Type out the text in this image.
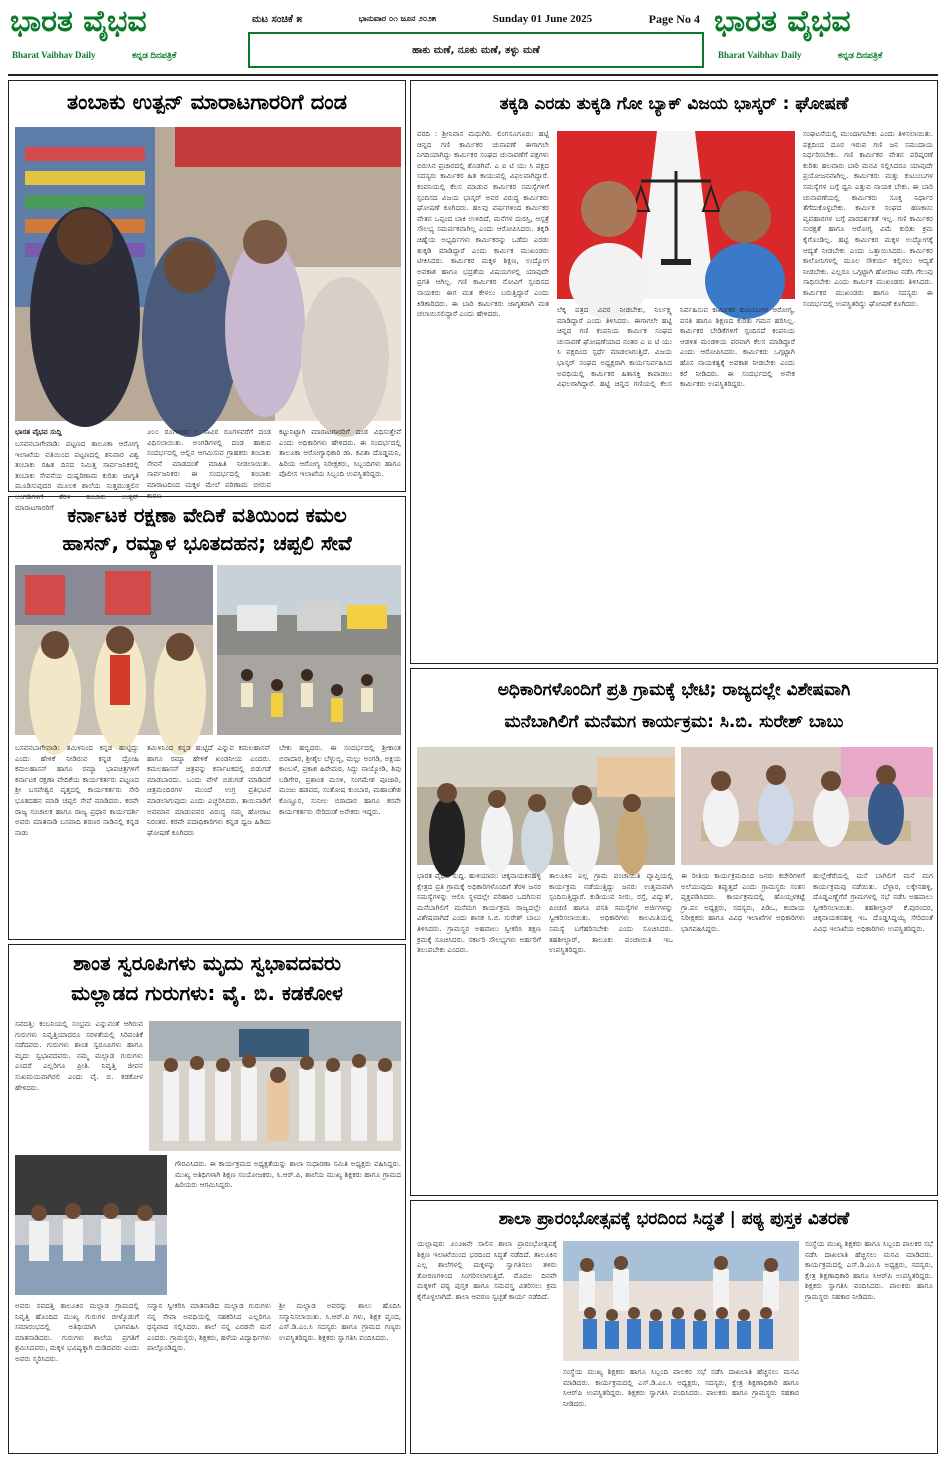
ಭಾರತ ವೈಭವ
Bharat Vaibhav Daily	ಕನ್ನಡ ದಿನಪತ್ರಿಕೆ
ಭಾರತ ವೈಭವ
Bharat Vaibhav Daily	ಕನ್ನಡ ದಿನಪತ್ರಿಕೆ
ಮಟ ಸಂಚಿಕೆ ೫	ಭಾನುವಾರ ೦೧ ಜೂನ ೨೦೨೫	Sunday 01 June 2025	Page No 4
ಹಾಕು ಮಣೆ, ನೂಕು ಮಣೆ, ತಳ್ಳು ಮಣೆ
ತಂಬಾಕು ಉತ್ಪನ್ ಮಾರಾಟಗಾರರಿಗೆ ದಂಡ
ಭಾರತ ವೈಭವ ಸುದ್ದಿ
ಬಸವನಬಾಗೇವಾಡಿ: ಪಟ್ಟಣದ ತಾಲೂಕಾ ಆರೋಗ್ಯ ಇಲಾಖೆಯ ವತಿಯಿಂದ ಪಟ್ಟಣದಲ್ಲಿ ಶನಿವಾರ ವಿಶ್ವ ತಂಬಾಕು ರಹಿತ ದಿನದ ನಿಮಿತ್ತ ಸಾರ್ವಜನಿಕರಲ್ಲಿ ತಂಬಾಕು ಸೇವನೆಯ ದುಷ್ಪರಿಣಾಮ ಕುರಿತು ಜಾಗೃತಿ ಮೂಡಿಸುವುದರ ಮೂಲಕ ಶಾಲೆಯ ಸುತ್ತಮುತ್ತಲಿನ ಅಂಗಡಿಗಳಿಗೆ ತೆರಳಿ ತಂಬಾಕು ಉತ್ಪನ್ ಮಾರಾಟಗಾರರಿಗೆ
೨೦೦ ರೂಗಳಿಂದ ೧ ಸಾವಿರ ರೂಗಳವರೆಗೆ ದಂಡ ವಿಧಿಸಲಾಯಿತು. ಅಂಗಡಿಗಳಲ್ಲಿ ದಂಡ ಹಾಕುವ ಸಂದರ್ಭದಲ್ಲಿ ಆಲ್ಲಿನ ಆಗಮಿಸುವ ಗ್ರಾಹಕರು ತಂಬಾಕು ಸೇವನೆ ಮಾಡದಂತೆ ಮಾಹಿತಿ ನೀಡಲಾಯಿತು. ಸಾರ್ವಜನಿಕರು ಈ ಸಂದರ್ಭದಲ್ಲಿ ತಂಬಾಕು ಮಾರಾಟದಿಂದ ಮಕ್ಕಳ ಮೇಲೆ ಪರಿಣಾಮ ಬೀರುವ ಕಾರಣ
ಕಟ್ಟುನಿಟ್ಟಾಗಿ ಮಾರಾಟಗಾರರಿಗೆ ದಂಡ ವಿಧಿಸುತ್ತೇವೆ ಎಂದು ಅಧಿಕಾರಿಗಳು ಹೇಳಿದರು. ಈ ಸಂದರ್ಭದಲ್ಲಿ ತಾಲೂಕಾ ಆರೋಗ್ಯಾಧಿಕಾರಿ ಡಾ. ಕವಿತಾ ದೊಡ್ಡಮನಿ, ಹಿರಿಯ ಆರೋಗ್ಯ ನಿರೀಕ್ಷಕರು, ಸಿಬ್ಬಂದಿಗಳು ಹಾಗೂ ಪೊಲೀಸ ಇಲಾಖೆಯ ಸಿಬ್ಬಂದಿ ಉಪಸ್ಥಿತರಿದ್ದರು.
ಕರ್ನಾಟಕ ರಕ್ಷಣಾ ವೇದಿಕೆ ವತಿಯಿಂದ ಕಮಲ
ಹಾಸನ್, ರಮ್ಯಾಳ ಭೂತದಹನ; ಚಪ್ಪಲಿ ಸೇವೆ
ಬಸವನಬಾಗೇವಾಡಿ: ತಮಿಳಿನಿಂದ ಕನ್ನಡ ಹುಟ್ಟಿದ್ದು ಎಂದು ಹೇಳಿಕೆ ನೀಡಿರುವ ಕನ್ನಡ ದ್ರೋಹಿ ಕಮಲಹಾಸನ್ ಹಾಗೂ ರಮ್ಯಾ ಭಾವಚಿತ್ರಗಳಿಗೆ ಕರ್ನಾಟಕ ರಕ್ಷಣಾ ವೇದಿಕೆಯ ಕಾರ್ಯಕರ್ತರು ಪಟ್ಟಣದ ಶ್ರೀ ಬಸವೇಶ್ವರ ವೃತ್ತದಲ್ಲಿ ಕಾರ್ಯಕರ್ತರು ಸೇರಿ ಭೂತದಹನ ಮಾಡಿ ಚಪ್ಪಲಿ ಸೇವೆ ಮಾಡಿದರು. ಕರವೇ ರಾಜ್ಯ ಸಂಚಾಲಕ ಹಾಗೂ ರಾಜ್ಯ ಪ್ರಧಾನ ಕಾರ್ಯದರ್ಶಿ ಅವರು ಮಾತನಾಡಿ ಬಸವಾದಿ ಶರಣರ ನಾಡಿನಲ್ಲಿ ಕನ್ನಡ ನಾಡು
ತಮಿಳಿನಿಂದ ಕನ್ನಡ ಹುಟ್ಟಿದೆ ಎನ್ನುವ ಕಮಲಹಾಸನ್ ಹಾಗೂ ರಮ್ಯಾ ಹೇಳಿಕೆ ಖಂಡನೀಯ ಎಂದರು. ಕಮಲಹಾಸನ್ ಚಿತ್ರವನ್ನು ಕರ್ನಾಟಕದಲ್ಲಿ ಬಿಡುಗಡೆ ಮಾಡಬಾರದು. ಒಂದು ವೇಳೆ ಬಿಡುಗಡೆ ಮಾಡಿದರೆ ಚಿತ್ರಮಂದಿರಗಳ ಮುಂದೆ ಉಗ್ರ ಪ್ರತಿಭಟನೆ ಮಾಡಲಾಗುವುದು ಎಂದು ಎಚ್ಚರಿಸಿದರು. ತಾಯಿನಾಡಿಗೆ ಅವಮಾನ ಮಾಡುವವರ ವಿರುದ್ಧ ನಮ್ಮ ಹೋರಾಟ ನಿರಂತರ. ಕರವೇ ಪದಾಧಿಕಾರಿಗಳು ಕನ್ನಡ ಧ್ವಜ ಹಿಡಿದು ಘೋಷಣೆ ಕೂಗಿದರು
ಬೇಕು ಹಬ್ಬಿದರು. ಈ ಸಂದರ್ಭದಲ್ಲಿ ಶ್ರೀಕಾಂತ ಬಿರಾದಾರ, ಶ್ರೀಶೈಲ ಬೆಳ್ಳುಬ್ಬಿ, ಮಲ್ಲು ಅಂಗಡಿ, ಅಕ್ಷಯ ಕಾಂಬಳೆ, ಪ್ರಕಾಶ ಹಿರೇಮಠ, ಸಿದ್ದು ನಾಯ್ಕೋಡಿ, ಶಿವು ಬಡಿಗೇರ, ಪ್ರಶಾಂತ ಮಸಳಿ, ಸಂಗಮೇಶ ಪೂಜಾರಿ, ಮಂಜು ಹಡಪದ, ಸಂತೋಷ ಕುಂಬಾರ, ಮಹಾಂತೇಶ ಕೊಣ್ಣೂರ, ಸುನೀಲ ಬಿರಾದಾರ ಹಾಗೂ ಕರವೇ ಕಾರ್ಯಕರ್ತರು ಸೇರಿದಂತೆ ಅನೇಕರು ಇದ್ದರು.
ಶಾಂತ ಸ್ವರೂಪಿಗಳು ಮೃದು ಸ್ವಭಾವದವರು
ಮಲ್ಲಾಡದ ಗುರುಗಳು: ವೈ. ಬಿ. ಕಡಕೋಳ
ಸವದತ್ತಿ: ಕಂಬನಿಯಲ್ಲಿ ಸಂಭ್ರಮ ಎನ್ನುವಂತೆ ಆಗಿರುವ ಗುರುಗಳು ನಿವೃತ್ತಿಯಾದರೂ ಸರಳತೆಯಲ್ಲಿ ಸಿರಿವಂತಿಕೆ ನಡೆದವರು. ಗುರುಗಳು ಶಾಂತ ಸ್ವರೂಪಿಗಳು ಹಾಗೂ ಮೃದು ಸ್ವಭಾವದವರು. ನಮ್ಮ ಮಲ್ಲಾಡ ಗುರುಗಳು ಎಂದರೆ ಎಲ್ಲರಿಗೂ ಪ್ರೀತಿ. ನಿವೃತ್ತಿ ಜೀವನ ಸುಖಮಯವಾಗಿರಲಿ ಎಂದು ವೈ. ಬಿ. ಕಡಕೋಳ ಹೇಳಿದರು.
ಗೌರವಿಸಿದರು. ಈ ಕಾರ್ಯಕ್ರಮದ ಅಧ್ಯಕ್ಷತೆಯನ್ನು ಶಾಲಾ ಸುಧಾರಣಾ ಸಮಿತಿ ಅಧ್ಯಕ್ಷರು ವಹಿಸಿದ್ದರು. ಮುಖ್ಯ ಅತಿಥಿಗಳಾಗಿ ಶಿಕ್ಷಣ ಸಂಯೋಜಕರು, ಸಿ.ಆರ್.ಪಿ, ಶಾಲೆಯ ಮುಖ್ಯ ಶಿಕ್ಷಕರು ಹಾಗೂ ಗ್ರಾಮದ ಹಿರಿಯರು ಆಗಮಿಸಿದ್ದರು.
ಅವರು ಸವದತ್ತಿ ತಾಲೂಕಿನ ಮಲ್ಲಾಡ ಗ್ರಾಮದಲ್ಲಿ ನಿವೃತ್ತಿ ಹೊಂದಿದ ಮುಖ್ಯ ಗುರುಗಳ ಬೀಳ್ಕೊಡುಗೆ ಸಮಾರಂಭದಲ್ಲಿ ಅತಿಥಿಯಾಗಿ ಭಾಗವಹಿಸಿ ಮಾತನಾಡಿದರು. ಗುರುಗಳು ಶಾಲೆಯ ಪ್ರಗತಿಗೆ ಶ್ರಮಿಸಿದವರು, ಮಕ್ಕಳ ಭವಿಷ್ಯಕ್ಕಾಗಿ ದುಡಿದವರು ಎಂದು ಅವರು ಸ್ಮರಿಸಿದರು.
ಸನ್ಮಾನ ಸ್ವೀಕರಿಸಿ ಮಾತನಾಡಿದ ಮಲ್ಲಾಡ ಗುರುಗಳು ನನ್ನ ಸೇವಾ ಅವಧಿಯಲ್ಲಿ ಸಹಕರಿಸಿದ ಎಲ್ಲರಿಗೂ ಧನ್ಯವಾದ ಸಲ್ಲಿಸಿದರು. ಶಾಲೆ ನನ್ನ ಎರಡನೇ ಮನೆ ಎಂದರು. ಗ್ರಾಮಸ್ಥರು, ಶಿಕ್ಷಕರು, ಹಳೆಯ ವಿದ್ಯಾರ್ಥಿಗಳು ಪಾಲ್ಗೊಂಡಿದ್ದರು.
ಶ್ರೀ ಮಲ್ಲಾಡ ಅವರನ್ನು ಶಾಲು ಹೊದಿಸಿ ಸನ್ಮಾನಿಸಲಾಯಿತು. ಸಿ.ಆರ್.ಪಿ ಗಳು, ಶಿಕ್ಷಕ ವೃಂದ, ಎಸ್.ಡಿ.ಎಂ.ಸಿ ಸದಸ್ಯರು ಹಾಗೂ ಗ್ರಾಮದ ಗಣ್ಯರು ಉಪಸ್ಥಿತರಿದ್ದರು. ಶಿಕ್ಷಕರು ಸ್ವಾಗತಿಸಿ ವಂದಿಸಿದರು.
ತಕ್ಕಡಿ ಎರಡು ತುಕ್ಕಡಿ ಗೋ ಬ್ಯಾಕ್ ವಿಜಯ ಭಾಸ್ಕರ್ : ಘೋಷಣೆ
ವರದಿ : ಶ್ರೀನಿವಾಸ ಮಧುಗಿರಿ. ಲಿಂಗಸೂಗೂರು: ಹಟ್ಟಿ ಚಿನ್ನದ ಗಣಿ ಕಾರ್ಮಿಕರ ಚುನಾವಣೆ ಈಗಾಗಲೇ ನಿಗದಿಯಾಗಿದ್ದು ಕಾರ್ಮಿಕರ ಸಂಘದ ಚುನಾವಣೆಗೆ ಪಕ್ಷಗಳು ಬಿರುಸಿನ ಪ್ರಚಾರದಲ್ಲಿ ತೊಡಗಿವೆ. ಎ ಐ ಟಿ ಯು ಸಿ ಪಕ್ಷದ ಸದಸ್ಯರು ಕಾರ್ಮಿಕರ ಹಿತ ಕಾಯುವಲ್ಲಿ ವಿಫಲವಾಗಿದ್ದಾರೆ. ಕಂಪನಿಯಲ್ಲಿ ಕೆಲಸ ಮಾಡುವ ಕಾರ್ಮಿಕರ ಸಮಸ್ಯೆಗಳಿಗೆ ಸ್ಪಂದಿಸದ ವಿಜಯ ಭಾಸ್ಕರ್ ಅವರ ವಿರುದ್ಧ ಕಾರ್ಮಿಕರು ಘೋಷಣೆ ಕೂಗಿದರು. ಹಲವು ವರ್ಷಗಳಿಂದ ಕಾರ್ಮಿಕರ ವೇತನ ಒಪ್ಪಂದ ಬಾಕಿ ಉಳಿದಿದೆ, ಮನೆಗಳ ದುರಸ್ತಿ, ಆಸ್ಪತ್ರೆ ಸೌಲಭ್ಯ ಸಮರ್ಪಕವಾಗಿಲ್ಲ ಎಂದು ಆರೋಪಿಸಿದರು. ತಕ್ಕಡಿ ಚಿಹ್ನೆಯ ಅಭ್ಯರ್ಥಿಗಳು ಕಾರ್ಮಿಕರನ್ನು ಒಡೆದು ಎರಡು ತುಕ್ಕಡಿ ಮಾಡಿದ್ದಾರೆ ಎಂದು ಕಾರ್ಮಿಕ ಮುಖಂಡರು ಟೀಕಿಸಿದರು. ಕಾರ್ಮಿಕರ ಮಕ್ಕಳ ಶಿಕ್ಷಣ, ಉದ್ಯೋಗ ಅವಕಾಶ ಹಾಗೂ ಭದ್ರತೆಯ ವಿಷಯಗಳಲ್ಲಿ ಯಾವುದೇ ಪ್ರಗತಿ ಆಗಿಲ್ಲ. ಗಣಿ ಕಾರ್ಮಿಕರ ನೋವಿಗೆ ಸ್ಪಂದಿಸದ ನಾಯಕರು ಈಗ ಮತ ಕೇಳಲು ಬರುತ್ತಿದ್ದಾರೆ ಎಂದು ಕಿಡಿಕಾರಿದರು. ಈ ಬಾರಿ ಕಾರ್ಮಿಕರು ಜಾಗೃತರಾಗಿ ಮತ ಚಲಾಯಿಸಲಿದ್ದಾರೆ ಎಂದು ಹೇಳಿದರು.	ಲೆಕ್ಕ ಪತ್ರದ ವಿವರ ನೀಡಬೇಕು, ನಿರ್ಲಕ್ಷ್ಯ ಮಾಡಿದ್ದಾರೆ ಎಂದು ತಿಳಿಸಿದರು. ಈಗಾಗಲೇ ಹಟ್ಟಿ ಚಿನ್ನದ ಗಣಿ ಕಂಪನಿಯ ಕಾರ್ಮಿಕ ಸಂಘದ ಚುನಾವಣೆ ಘೋಷಣೆಯಾದ ನಂತರ ಎ ಐ ಟಿ ಯು ಸಿ ಪಕ್ಷದಿಂದ ಸ್ಪರ್ಧೆ ಮಾಡಲಾಗುತ್ತಿದೆ. ವಿಜಯ ಭಾಸ್ಕರ್ ಸಂಘದ ಅಧ್ಯಕ್ಷರಾಗಿ ಕಾರ್ಯನಿರ್ವಹಿಸಿದ ಅವಧಿಯಲ್ಲಿ ಕಾರ್ಮಿಕರ ಹಿತಾಸಕ್ತಿ ಕಾಪಾಡಲು ವಿಫಲರಾಗಿದ್ದಾರೆ. ಹಟ್ಟಿ ಚಿನ್ನದ ಗಣಿಯಲ್ಲಿ ಕೆಲಸ ನಿರ್ವಹಿಸುವ ಕಾರ್ಮಿಕರ ಕುಟುಂಬಗಳ ಆರೋಗ್ಯ, ವಸತಿ ಹಾಗೂ ಶಿಕ್ಷಣದ ಕುರಿತು ಗಮನ ಹರಿಸಿಲ್ಲ. ಕಾರ್ಮಿಕರ ಬೇಡಿಕೆಗಳಿಗೆ ಸ್ಪಂದಿಸದೆ ಕಂಪನಿಯ ಆಡಳಿತ ಮಂಡಳಿಯ ಪರವಾಗಿ ಕೆಲಸ ಮಾಡಿದ್ದಾರೆ ಎಂದು ಆರೋಪಿಸಿದರು. ಕಾರ್ಮಿಕರು ಒಗ್ಗಟ್ಟಾಗಿ ಹೊಸ ನಾಯಕತ್ವಕ್ಕೆ ಅವಕಾಶ ನೀಡಬೇಕು ಎಂದು ಕರೆ ನೀಡಿದರು. ಈ ಸಂದರ್ಭದಲ್ಲಿ ಅನೇಕ ಕಾರ್ಮಿಕರು ಉಪಸ್ಥಿತರಿದ್ದರು.
ಸಂಘಟನೆಯಲ್ಲಿ ಮುಂದಾಗಬೇಕು ಎಂದು ತಿಳಿಸಲಾಯಿತು. ಪಕ್ಷದಿಂದ ದೂರ ಇರುವ ಗಣಿ ಜನ ಸಮುದಾಯ ನಿರ್ಧರಿಸಬೇಕು. ಗಣಿ ಕಾರ್ಮಿಕರ ವೇತನ ಪರಿಷ್ಕರಣೆ ಕುರಿತು ಹಲವಾರು ಬಾರಿ ಮನವಿ ಸಲ್ಲಿಸಿದರೂ ಯಾವುದೇ ಪ್ರಯೋಜನವಾಗಿಲ್ಲ. ಕಾರ್ಮಿಕರು ಮತ್ತು ಕುಟುಂಬಗಳ ಸಮಸ್ಯೆಗಳ ಬಗ್ಗೆ ಧ್ವನಿ ಎತ್ತುವ ನಾಯಕ ಬೇಕು. ಈ ಬಾರಿ ಚುನಾವಣೆಯಲ್ಲಿ ಕಾರ್ಮಿಕರು ಸೂಕ್ತ ನಿರ್ಧಾರ ತೆಗೆದುಕೊಳ್ಳಬೇಕು. ಕಾರ್ಮಿಕ ಸಂಘದ ಹಣಕಾಸು ವ್ಯವಹಾರಗಳ ಬಗ್ಗೆ ಪಾರದರ್ಶಕತೆ ಇಲ್ಲ. ಗಣಿ ಕಾರ್ಮಿಕರ ಸುರಕ್ಷತೆ ಹಾಗೂ ಆರೋಗ್ಯ ವಿಮೆ ಕುರಿತು ಕ್ರಮ ಕೈಗೊಂಡಿಲ್ಲ. ಹಟ್ಟಿ ಕಾರ್ಮಿಕರ ಮಕ್ಕಳ ಉದ್ಯೋಗಕ್ಕೆ ಆದ್ಯತೆ ನೀಡಬೇಕು ಎಂದು ಒತ್ತಾಯಿಸಿದರು. ಕಾರ್ಮಿಕರ ಕಾಲೋನಿಗಳಲ್ಲಿ ಮೂಲ ಸೌಕರ್ಯ ಕಲ್ಪಿಸಲು ಆದ್ಯತೆ ನೀಡಬೇಕು. ಎಲ್ಲರೂ ಒಗ್ಗಟ್ಟಾಗಿ ಹೋರಾಟ ನಡೆಸಿ ಗೆಲುವು ಸಾಧಿಸಬೇಕು ಎಂದು ಕಾರ್ಮಿಕ ಮುಖಂಡರು ತಿಳಿಸಿದರು. ಕಾರ್ಮಿಕರ ಮುಖಂಡರು ಹಾಗೂ ಸದಸ್ಯರು ಈ ಸಂದರ್ಭದಲ್ಲಿ ಉಪಸ್ಥಿತರಿದ್ದು ಘೋಷಣೆ ಕೂಗಿದರು.
ಅಧಿಕಾರಿಗಳೊಂದಿಗೆ ಪ್ರತಿ ಗ್ರಾಮಕ್ಕೆ ಭೇಟಿ; ರಾಜ್ಯದಲ್ಲೇ ವಿಶೇಷವಾಗಿ
ಮನೆಬಾಗಿಲಿಗೆ ಮನೆಮಗ ಕಾರ್ಯಕ್ರಮ: ಸಿ.ಬಿ. ಸುರೇಶ್ ಬಾಬು
ಭಾರತ ವೈಭವ ಸುದ್ದಿ. ಹುಳಿಯಾರು: ಚಿಕ್ಕನಾಯಕನಹಳ್ಳಿ ಕ್ಷೇತ್ರದ ಪ್ರತಿ ಗ್ರಾಮಕ್ಕೆ ಅಧಿಕಾರಿಗಳೊಂದಿಗೆ ತೆರಳಿ ಜನರ ಸಮಸ್ಯೆಗಳನ್ನು ಆಲಿಸಿ ಸ್ಥಳದಲ್ಲೇ ಪರಿಹಾರ ಒದಗಿಸುವ ಮನೆಬಾಗಿಲಿಗೆ ಮನೆಮಗ ಕಾರ್ಯಕ್ರಮ ರಾಜ್ಯದಲ್ಲೇ ವಿಶೇಷವಾಗಿದೆ ಎಂದು ಶಾಸಕ ಸಿ.ಬಿ. ಸುರೇಶ್ ಬಾಬು ತಿಳಿಸಿದರು. ಗ್ರಾಮಸ್ಥರ ಅಹವಾಲು ಸ್ವೀಕರಿಸಿ ತಕ್ಷಣ ಕ್ರಮಕ್ಕೆ ಸೂಚಿಸಿದರು. ಸರ್ಕಾರಿ ಸೌಲಭ್ಯಗಳು ಅರ್ಹರಿಗೆ ತಲುಪಬೇಕು ಎಂದರು.
ತಾಲೂಕಿನ ಎಲ್ಲ ಗ್ರಾಮ ಪಂಚಾಯಿತಿ ವ್ಯಾಪ್ತಿಯಲ್ಲಿ ಕಾರ್ಯಕ್ರಮ ನಡೆಯುತ್ತಿದ್ದು ಜನರು ಉತ್ತಮವಾಗಿ ಸ್ಪಂದಿಸುತ್ತಿದ್ದಾರೆ. ಕುಡಿಯುವ ನೀರು, ರಸ್ತೆ, ವಿದ್ಯುತ್, ಪಿಂಚಣಿ ಹಾಗೂ ವಸತಿ ಸಮಸ್ಯೆಗಳ ಅರ್ಜಿಗಳನ್ನು ಸ್ವೀಕರಿಸಲಾಯಿತು. ಅಧಿಕಾರಿಗಳು ಕಾಲಮಿತಿಯಲ್ಲಿ ಸಮಸ್ಯೆ ಬಗೆಹರಿಸಬೇಕು ಎಂದು ಸೂಚಿಸಿದರು. ತಹಶೀಲ್ದಾರ್, ತಾಲೂಕು ಪಂಚಾಯಿತಿ ಇಒ ಉಪಸ್ಥಿತರಿದ್ದರು.
ಈ ರೀತಿಯ ಕಾರ್ಯಕ್ರಮದಿಂದ ಜನರು ಕಚೇರಿಗಳಿಗೆ ಅಲೆಯುವುದು ತಪ್ಪುತ್ತದೆ ಎಂದು ಗ್ರಾಮಸ್ಥರು ಸಂತಸ ವ್ಯಕ್ತಪಡಿಸಿದರು. ಕಾರ್ಯಕ್ರಮದಲ್ಲಿ ಹೊಯ್ಸಳಕಟ್ಟೆ ಗ್ರಾ.ಪಂ ಅಧ್ಯಕ್ಷರು, ಸದಸ್ಯರು, ಪಿಡಿಒ, ಕಂದಾಯ ನಿರೀಕ್ಷಕರು ಹಾಗೂ ವಿವಿಧ ಇಲಾಖೆಗಳ ಅಧಿಕಾರಿಗಳು ಭಾಗವಹಿಸಿದ್ದರು.
ಹುಲ್ಲೇಕೆರೆಯಲ್ಲಿ ಮನೆ ಬಾಗಿಲಿಗೆ ಮನೆ ಮಗ ಕಾರ್ಯಕ್ರಮವು ನಡೆಯಿತು. ಬೆಳ್ಳಾರ, ಲಕ್ಕೇನಹಳ್ಳಿ, ದೊಡ್ಡಎಣ್ಣೆಗೆರೆ ಗ್ರಾಮಗಳಲ್ಲಿ ಸಭೆ ನಡೆಸಿ ಅಹವಾಲು ಸ್ವೀಕರಿಸಲಾಯಿತು. ತಹಶೀಲ್ದಾರ್ ಕೆ.ಪುರಂದರ, ಚಿಕ್ಕನಾಯಕನಹಳ್ಳಿ ಇಒ ದೊಡ್ಡಸಿದ್ದಯ್ಯ ಸೇರಿದಂತೆ ವಿವಿಧ ಇಲಾಖೆಯ ಅಧಿಕಾರಿಗಳು ಉಪಸ್ಥಿತರಿದ್ದರು.
ಶಾಲಾ ಪ್ರಾರಂಭೋತ್ಸವಕ್ಕೆ ಭರದಿಂದ ಸಿದ್ಧತೆ | ಪಠ್ಯ ಪುಸ್ತಕ ವಿತರಣೆ
ಯಲ್ಲಾಪುರ: ೨೦೨೫ನೇ ಸಾಲಿನ ಶಾಲಾ ಪ್ರಾರಂಭೋತ್ಸವಕ್ಕೆ ಶಿಕ್ಷಣ ಇಲಾಖೆಯಿಂದ ಭರದಿಂದ ಸಿದ್ಧತೆ ನಡೆದಿದೆ. ತಾಲೂಕಿನ ಎಲ್ಲ ಶಾಲೆಗಳಲ್ಲಿ ಮಕ್ಕಳನ್ನು ಸ್ವಾಗತಿಸಲು ತಳಿರು ತೋರಣಗಳಿಂದ ಸಿಂಗರಿಸಲಾಗುತ್ತಿದೆ. ಮೊದಲ ದಿನವೇ ಮಕ್ಕಳಿಗೆ ಪಠ್ಯ ಪುಸ್ತಕ ಹಾಗೂ ಸಮವಸ್ತ್ರ ವಿತರಿಸಲು ಕ್ರಮ ಕೈಗೊಳ್ಳಲಾಗಿದೆ. ಶಾಲಾ ಆವರಣ ಸ್ವಚ್ಛತೆ ಕಾರ್ಯ ನಡೆದಿದೆ.
ಸಂಸ್ಥೆಯ ಮುಖ್ಯ ಶಿಕ್ಷಕರು ಹಾಗೂ ಸಿಬ್ಬಂದಿ ಪಾಲಕರ ಸಭೆ ನಡೆಸಿ ದಾಖಲಾತಿ ಹೆಚ್ಚಿಸಲು ಮನವಿ ಮಾಡಿದರು. ಕಾರ್ಯಕ್ರಮದಲ್ಲಿ ಎಸ್.ಡಿ.ಎಂ.ಸಿ ಅಧ್ಯಕ್ಷರು, ಸದಸ್ಯರು, ಕ್ಷೇತ್ರ ಶಿಕ್ಷಣಾಧಿಕಾರಿ ಹಾಗೂ ಸಿಆರ್‌ಪಿ ಉಪಸ್ಥಿತರಿದ್ದರು. ಶಿಕ್ಷಕರು ಸ್ವಾಗತಿಸಿ ವಂದಿಸಿದರು. ಪಾಲಕರು ಹಾಗೂ ಗ್ರಾಮಸ್ಥರು ಸಹಕಾರ ನೀಡಿದರು.
ಸಂಸ್ಥೆಯ ಮುಖ್ಯ ಶಿಕ್ಷಕರು ಹಾಗೂ ಸಿಬ್ಬಂದಿ ಪಾಲಕರ ಸಭೆ ನಡೆಸಿ ದಾಖಲಾತಿ ಹೆಚ್ಚಿಸಲು ಮನವಿ ಮಾಡಿದರು. ಕಾರ್ಯಕ್ರಮದಲ್ಲಿ ಎಸ್.ಡಿ.ಎಂ.ಸಿ ಅಧ್ಯಕ್ಷರು, ಸದಸ್ಯರು, ಕ್ಷೇತ್ರ ಶಿಕ್ಷಣಾಧಿಕಾರಿ ಹಾಗೂ ಸಿಆರ್‌ಪಿ ಉಪಸ್ಥಿತರಿದ್ದರು. ಶಿಕ್ಷಕರು ಸ್ವಾಗತಿಸಿ ವಂದಿಸಿದರು. ಪಾಲಕರು ಹಾಗೂ ಗ್ರಾಮಸ್ಥರು ಸಹಕಾರ ನೀಡಿದರು.
